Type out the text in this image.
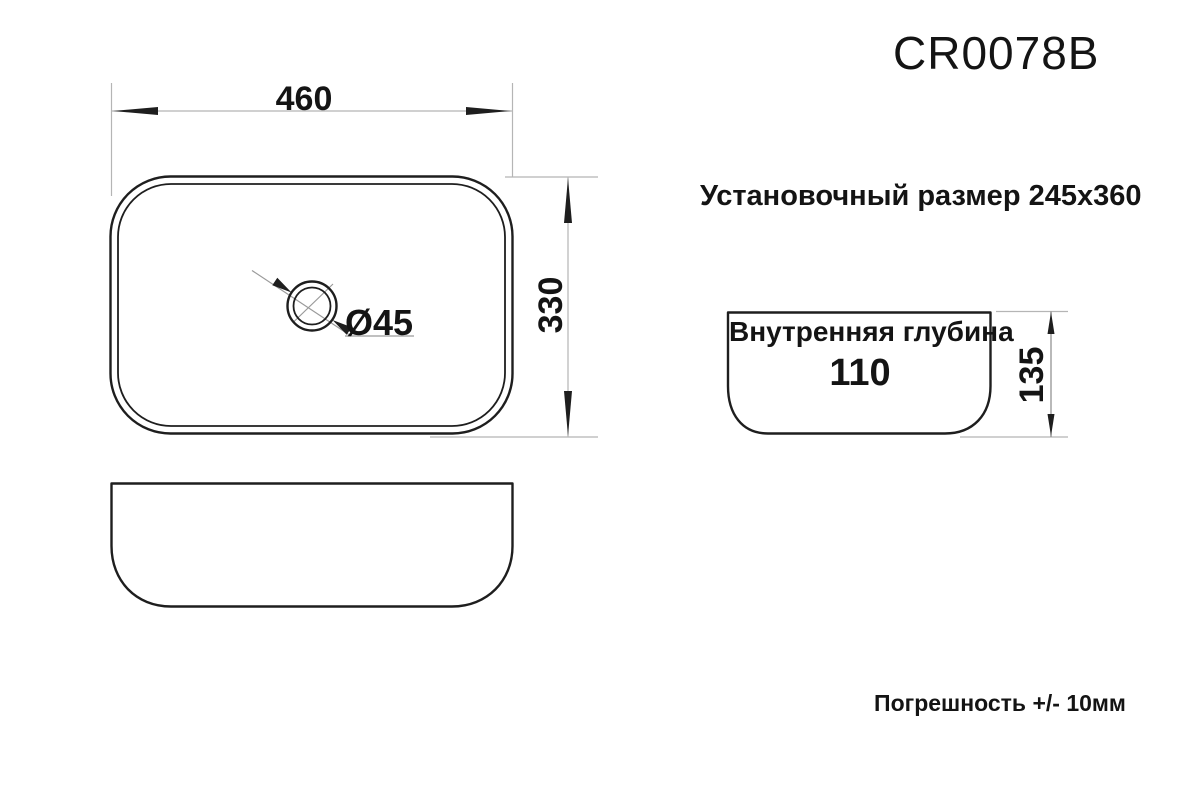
CR0078B
Установочный размер 245x360
460
330
Ø45	Внутренняя глубина
110	135
Погрешность +/- 10мм
